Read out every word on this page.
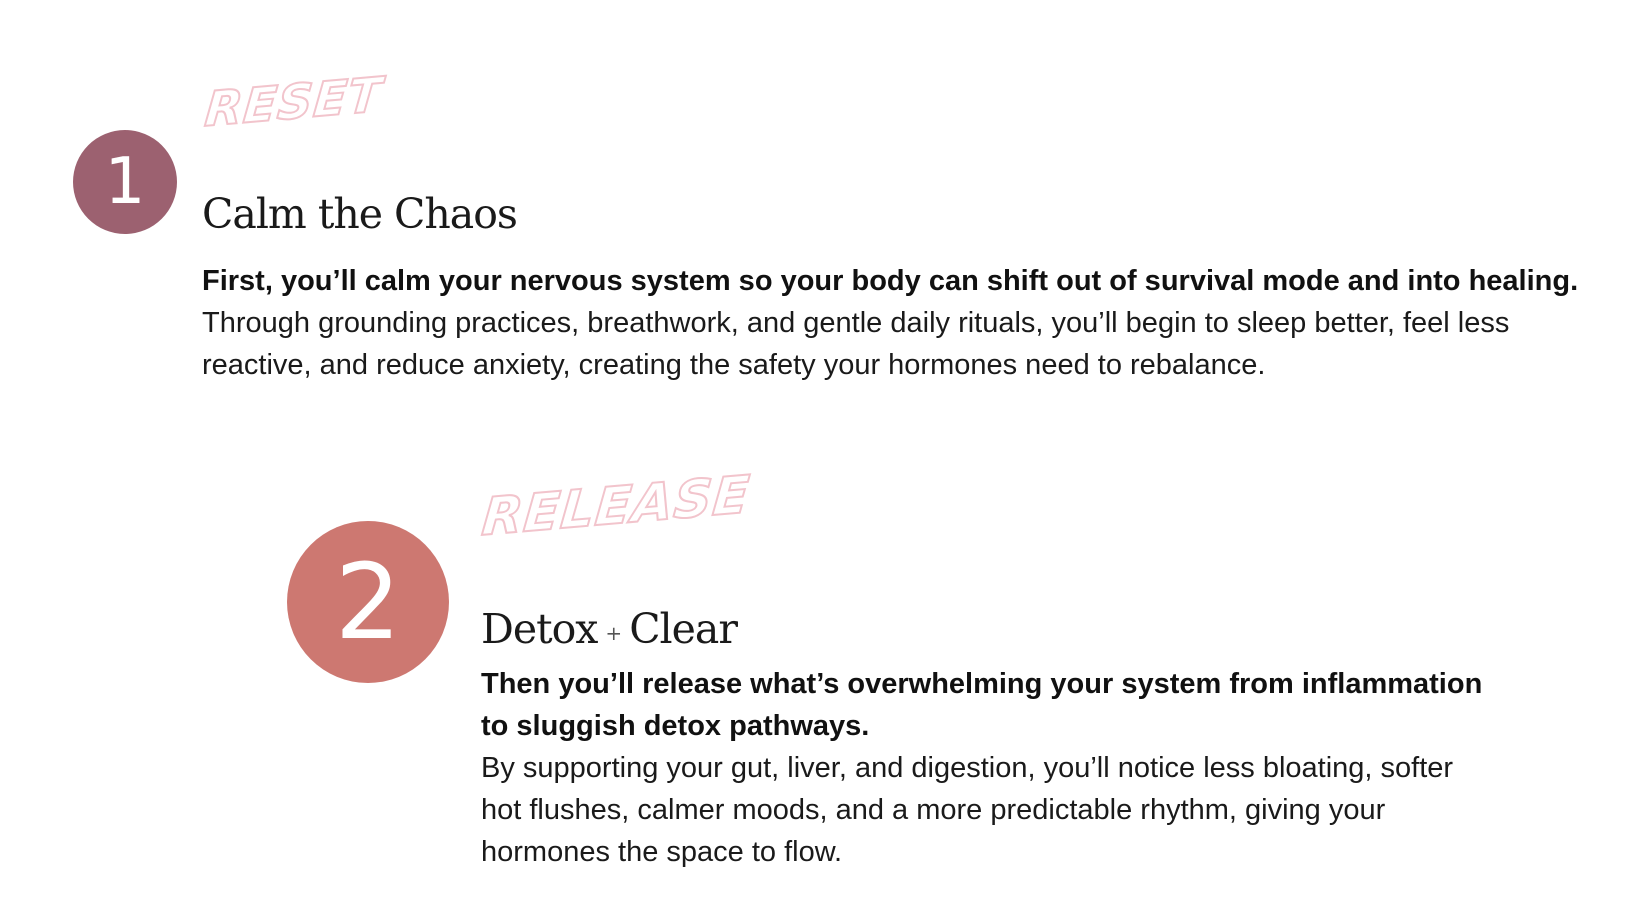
1
RESET
Calm the Chaos

First, you’ll calm your nervous system so your body can shift out of survival mode and into healing.
Through grounding practices, breathwork, and gentle daily rituals, you’ll begin to sleep better, feel less reactive, and reduce anxiety, creating the safety your hormones need to rebalance.

2
RELEASE
Detox + Clear

Then you’ll release what’s overwhelming your system from inflammation to sluggish detox pathways.
By supporting your gut, liver, and digestion, you’ll notice less bloating, softer hot flushes, calmer moods, and a more predictable rhythm, giving your hormones the space to flow.
